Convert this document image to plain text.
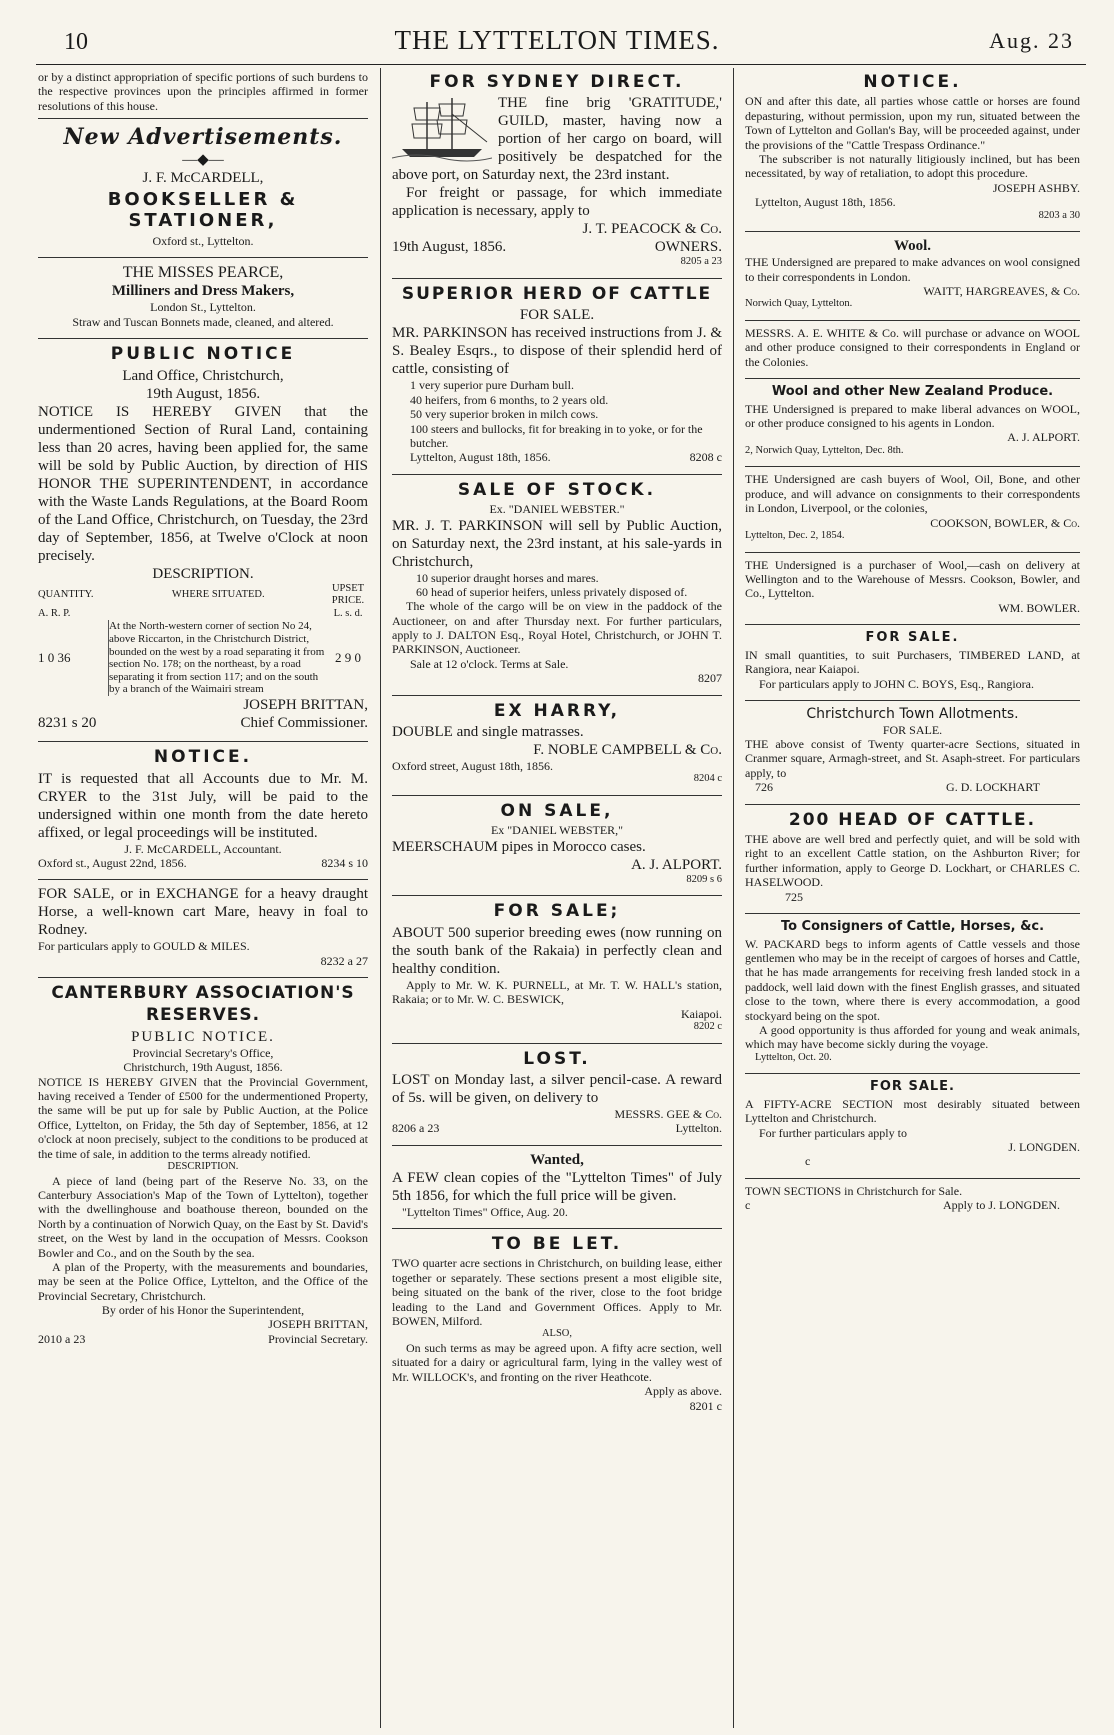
10	THE LYTTELTON TIMES.	Aug. 23

or by a distinct appropriation of specific portions of such burdens to the respective provinces upon the principles affirmed in former resolutions of this house.

New Advertisements.
—◆—
J. F. McCARDELL,
BOOKSELLER & STATIONER,
Oxford st., Lyttelton.
THE MISSES PEARCE,
Milliners and Dress Makers,
London St., Lyttelton.
Straw and Tuscan Bonnets made, cleaned, and altered.
PUBLIC NOTICE
Land Office, Christchurch,
19th August, 1856.

NOTICE IS HEREBY GIVEN that the undermentioned Section of Rural Land, containing less than 20 acres, having been applied for, the same will be sold by Public Auction, by direction of HIS HONOR THE SUPERINTENDENT, in accordance with the Waste Lands Regulations, at the Board Room of the Land Office, Christchurch, on Tuesday, the 23rd day of September, 1856, at Twelve o'Clock at noon precisely.

DESCRIPTION.
QUANTITY.	WHERE SITUATED.	UPSET PRICE.
A. R. P.		L. s. d.
1 0 36	At the North-western corner of section No 24, above Riccarton, in the Christchurch District, bounded on the west by a road separating it from section No. 178; on the northeast, by a road separating it from section 117; and on the south by a branch of the Waimairi stream	2 9 0
JOSEPH BRITTAN,
8231 s 20	Chief Commissioner.
NOTICE.

IT is requested that all Accounts due to Mr. M. CRYER to the 31st July, will be paid to the undersigned within one month from the date hereto affixed, or legal proceedings will be instituted.

J. F. McCARDELL, Accountant.
Oxford st., August 22nd, 1856.	8234 s 10

FOR SALE, or in EXCHANGE for a heavy draught Horse, a well-known cart Mare, heavy in foal to Rodney.

For particulars apply to GOULD & MILES.

8232 a 27
CANTERBURY ASSOCIATION'S
RESERVES.
PUBLIC NOTICE.
Provincial Secretary's Office,
Christchurch, 19th August, 1856.

NOTICE IS HEREBY GIVEN that the Provincial Government, having received a Tender of £500 for the undermentioned Property, the same will be put up for sale by Public Auction, at the Police Office, Lyttelton, on Friday, the 5th day of September, 1856, at 12 o'clock at noon precisely, subject to the conditions to be produced at the time of sale, in addition to the terms already notified.

DESCRIPTION.

A piece of land (being part of the Reserve No. 33, on the Canterbury Association's Map of the Town of Lyttelton), together with the dwellinghouse and boathouse thereon, bounded on the North by a continuation of Norwich Quay, on the East by St. David's street, on the West by land in the occupation of Messrs. Cookson Bowler and Co., and on the South by the sea.

A plan of the Property, with the measurements and boundaries, may be seen at the Police Office, Lyttelton, and the Office of the Provincial Secretary, Christchurch.

By order of his Honor the Superintendent,
JOSEPH BRITTAN,
2010 a 23	Provincial Secretary.
FOR SYDNEY DIRECT.

THE fine brig 'GRATITUDE,' GUILD, master, having now a portion of her cargo on board, will positively be despatched for the above port, on Saturday next, the 23rd instant.

For freight or passage, for which immediate application is necessary, apply to

J. T. PEACOCK & Co.
19th August, 1856.	OWNERS.
8205 a 23
SUPERIOR HERD OF CATTLE
FOR SALE.

MR. PARKINSON has received instructions from J. & S. Bealey Esqrs., to dispose of their splendid herd of cattle, consisting of

1 very superior pure Durham bull.
40 heifers, from 6 months, to 2 years old.
50 very superior broken in milch cows.
100 steers and bullocks, fit for breaking in to yoke, or for the butcher.
Lyttelton, August 18th, 1856.	8208 c
SALE OF STOCK.
Ex. "DANIEL WEBSTER."

MR. J. T. PARKINSON will sell by Public Auction, on Saturday next, the 23rd instant, at his sale-yards in Christchurch,

10 superior draught horses and mares.
60 head of superior heifers, unless privately disposed of.

The whole of the cargo will be on view in the paddock of the Auctioneer, on and after Thursday next. For further particulars, apply to J. DALTON Esq., Royal Hotel, Christchurch, or JOHN T. PARKINSON, Auctioneer.

Sale at 12 o'clock. Terms at Sale.
8207
EX HARRY,

DOUBLE and single matrasses.

F. NOBLE CAMPBELL & Co.
Oxford street, August 18th, 1856.
8204 c
ON SALE,
Ex "DANIEL WEBSTER,"

MEERSCHAUM pipes in Morocco cases.

A. J. ALPORT.
8209 s 6
FOR SALE;

ABOUT 500 superior breeding ewes (now running on the south bank of the Rakaia) in perfectly clean and healthy condition.

Apply to Mr. W. K. PURNELL, at Mr. T. W. HALL's station, Rakaia; or to Mr. W. C. BESWICK,

Kaiapoi.
8202 c
LOST.

LOST on Monday last, a silver pencil-case. A reward of 5s. will be given, on delivery to

MESSRS. GEE & Co.
8206 a 23	Lyttelton.
Wanted,

A FEW clean copies of the "Lyttelton Times" of July 5th 1856, for which the full price will be given.

"Lyttelton Times" Office, Aug. 20.
TO BE LET.

TWO quarter acre sections in Christchurch, on building lease, either together or separately. These sections present a most eligible site, being situated on the bank of the river, close to the foot bridge leading to the Land and Government Offices. Apply to Mr. BOWEN, Milford.

ALSO,

On such terms as may be agreed upon. A fifty acre section, well situated for a dairy or agricultural farm, lying in the valley west of Mr. WILLOCK's, and fronting on the river Heathcote.

Apply as above.
8201 c
NOTICE.

ON and after this date, all parties whose cattle or horses are found depasturing, without permission, upon my run, situated between the Town of Lyttelton and Gollan's Bay, will be proceeded against, under the provisions of the "Cattle Trespass Ordinance."

The subscriber is not naturally litigiously inclined, but has been necessitated, by way of retaliation, to adopt this procedure.

JOSEPH ASHBY.
Lyttelton, August 18th, 1856.
8203 a 30
Wool.

THE Undersigned are prepared to make advances on wool consigned to their correspondents in London.

WAITT, HARGREAVES, & Co.
Norwich Quay, Lyttelton.

MESSRS. A. E. WHITE & Co. will purchase or advance on WOOL and other produce consigned to their correspondents in England or the Colonies.

Wool and other New Zealand Produce.

THE Undersigned is prepared to make liberal advances on WOOL, or other produce consigned to his agents in London.

A. J. ALPORT.
2, Norwich Quay, Lyttelton, Dec. 8th.

THE Undersigned are cash buyers of Wool, Oil, Bone, and other produce, and will advance on consignments to their correspondents in London, Liverpool, or the colonies,

COOKSON, BOWLER, & Co.
Lyttelton, Dec. 2, 1854.

THE Undersigned is a purchaser of Wool,—cash on delivery at Wellington and to the Warehouse of Messrs. Cookson, Bowler, and Co., Lyttelton.

WM. BOWLER.
FOR SALE.

IN small quantities, to suit Purchasers, TIMBERED LAND, at Rangiora, near Kaiapoi.

For particulars apply to JOHN C. BOYS, Esq., Rangiora.

Christchurch Town Allotments.
FOR SALE.

THE above consist of Twenty quarter-acre Sections, situated in Cranmer square, Armagh-street, and St. Asaph-street. For particulars apply, to

726	G. D. LOCKHART
200 HEAD OF CATTLE.

THE above are well bred and perfectly quiet, and will be sold with right to an excellent Cattle station, on the Ashburton River; for further information, apply to George D. Lockhart, or CHARLES C. HASELWOOD.

725
To Consigners of Cattle, Horses, &c.

W. PACKARD begs to inform agents of Cattle vessels and those gentlemen who may be in the receipt of cargoes of horses and Cattle, that he has made arrangements for receiving fresh landed stock in a paddock, well laid down with the finest English grasses, and situated close to the town, where there is every accommodation, a good stockyard being on the spot.

A good opportunity is thus afforded for young and weak animals, which may have become sickly during the voyage.

Lyttelton, Oct. 20.
FOR SALE.

A FIFTY-ACRE SECTION most desirably situated between Lyttelton and Christchurch.

For further particulars apply to

J. LONGDEN.
c

TOWN SECTIONS in Christchurch for Sale.

c	Apply to J. LONGDEN.
